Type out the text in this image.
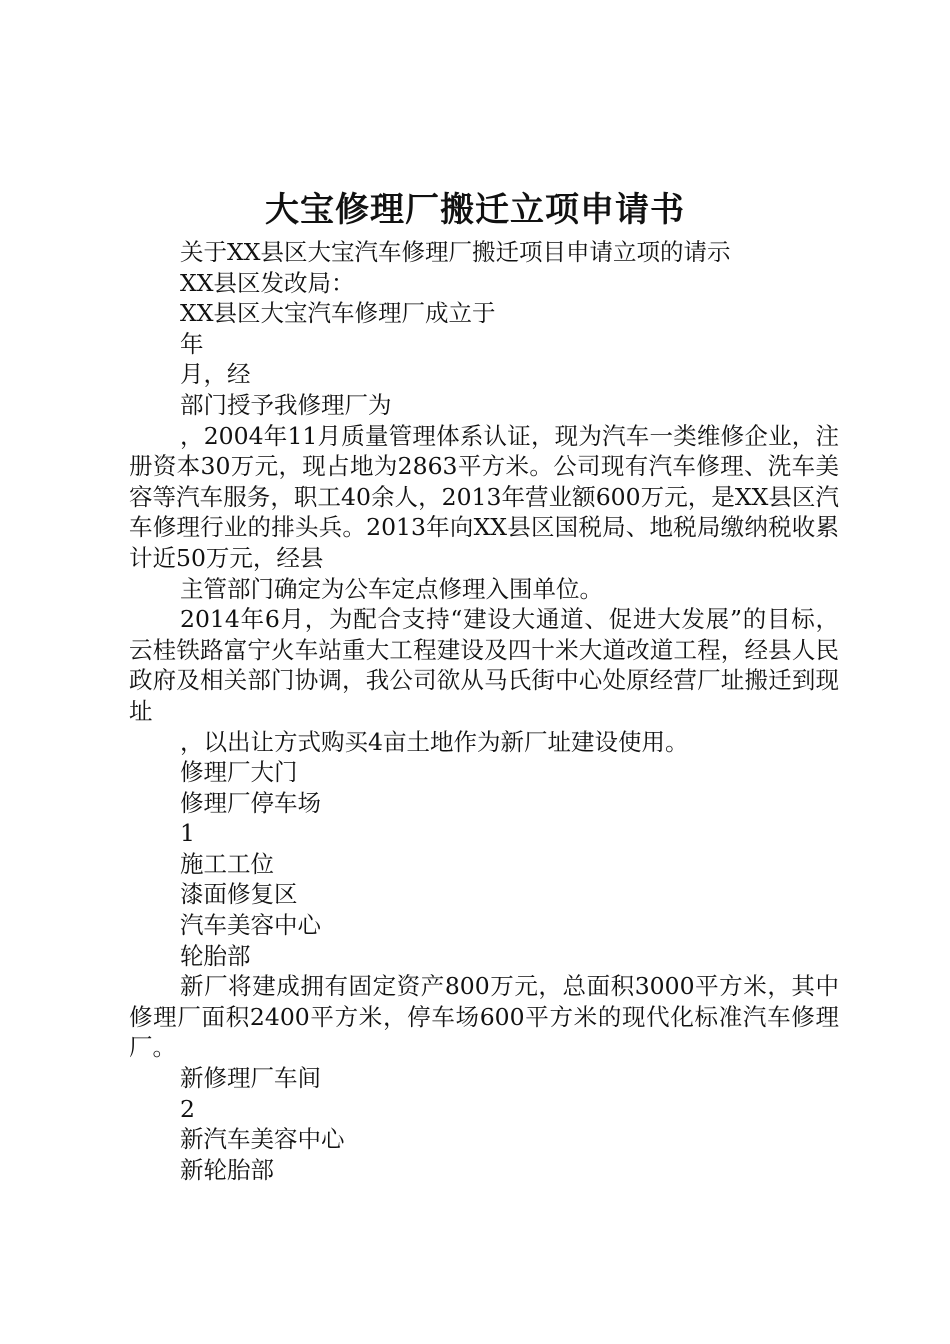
大宝修理厂搬迁立项申请书
关于XX县区大宝汽车修理厂搬迁项目申请立项的请示
XX县区发改局：
XX县区大宝汽车修理厂成立于
年
月，经
部门授予我修理厂为
，2004年11月质量管理体系认证，现为汽车一类维修企业，注册资本30万元，现占地为2863平方米。公司现有汽车修理、洗车美容等汽车服务，职工40余人，2013年营业额600万元，是XX县区汽车修理行业的排头兵。2013年向XX县区国税局、地税局缴纳税收累计近50万元，经县
主管部门确定为公车定点修理入围单位。
2014年6月，为配合支持“建设大通道、促进大发展”的目标，云桂铁路富宁火车站重大工程建设及四十米大道改道工程，经县人民政府及相关部门协调，我公司欲从马氏街中心处原经营厂址搬迁到现址
，以出让方式购买4亩土地作为新厂址建设使用。
修理厂大门
修理厂停车场
1
施工工位
漆面修复区
汽车美容中心
轮胎部
新厂将建成拥有固定资产800万元，总面积3000平方米，其中修理厂面积2400平方米，停车场600平方米的现代化标准汽车修理厂。
新修理厂车间
2
新汽车美容中心
新轮胎部
